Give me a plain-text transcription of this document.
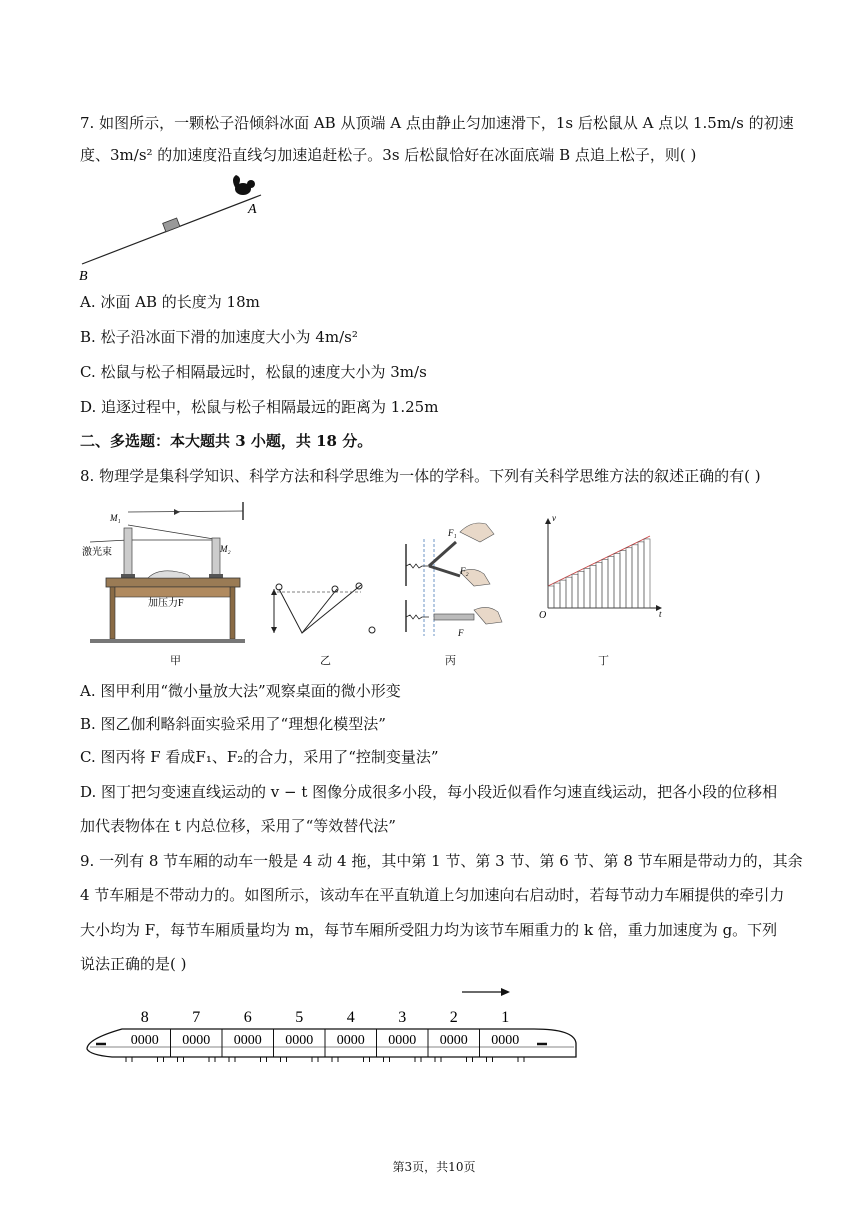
7. 如图所示，一颗松子沿倾斜冰面 AB 从顶端 A 点由静止匀加速滑下，1s 后松鼠从 A 点以 1.5m/s 的初速
度、3m/s² 的加速度沿直线匀加速追赶松子。3s 后松鼠恰好在冰面底端 B 点追上松子，则( )
A
B
A. 冰面 AB 的长度为 18m
B. 松子沿冰面下滑的加速度大小为 4m/s²
C. 松鼠与松子相隔最远时，松鼠的速度大小为 3m/s
D. 追逐过程中，松鼠与松子相隔最远的距离为 1.25m
二、多选题：本大题共 3 小题，共 18 分。
8. 物理学是集科学知识、科学方法和科学思维为一体的学科。下列有关科学思维方法的叙述正确的有( )
M₁
M₂
激光束
加压力F
甲	乙
F₁
F₂
F
丙
v
O	t
丁
A. 图甲利用“微小量放大法”观察桌面的微小形变
B. 图乙伽利略斜面实验采用了“理想化模型法”
C. 图丙将 F 看成F₁、F₂的合力，采用了“控制变量法”
D. 图丁把匀变速直线运动的 v − t 图像分成很多小段，每小段近似看作匀速直线运动，把各小段的位移相
加代表物体在 t 内总位移，采用了“等效替代法”
9. 一列有 8 节车厢的动车一般是 4 动 4 拖，其中第 1 节、第 3 节、第 6 节、第 8 节车厢是带动力的，其余
4 节车厢是不带动力的。如图所示，该动车在平直轨道上匀加速向右启动时，若每节动力车厢提供的牵引力
大小均为 F，每节车厢质量均为 m，每节车厢所受阻力均为该节车厢重力的 k 倍，重力加速度为 g。下列
说法正确的是( )
8
0000
7
0000
6
0000
5
0000
4
0000
3
0000
2
0000
1
0000
第3页，共10页
